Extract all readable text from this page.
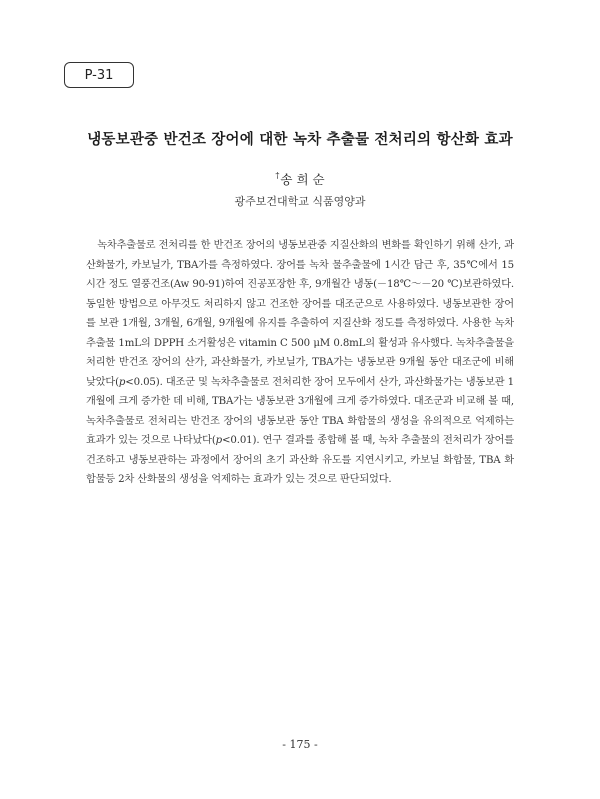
P-31
냉동보관중 반건조 장어에 대한 녹차 추출물 전처리의 항산화 효과
†송 희 순
광주보건대학교 식품영양과

녹차추출물로 전처리를 한 반건조 장어의 냉동보관중 지질산화의 변화를 확인하기 위해 산가, 과산화물가, 카보닐가, TBA가를 측정하였다. 장어를 녹차 물추출물에 1시간 담근 후, 35℃에서 15 시간 정도 열풍건조(Aw 90-91)하여 진공포장한 후, 9개월간 냉동(－18℃～－20 ℃)보관하였다. 동일한 방법으로 아무것도 처리하지 않고 건조한 장어를 대조군으로 사용하였다. 냉동보관한 장어를 보관 1개월, 3개월, 6개월, 9개월에 유지를 추출하여 지질산화 정도를 측정하였다. 사용한 녹차 추출물 1mL의 DPPH 소거활성은 vitamin C 500 μM 0.8mL의 활성과 유사했다. 녹차추출물을 처리한 반건조 장어의 산가, 과산화물가, 카보닐가, TBA가는 냉동보관 9개월 동안 대조군에 비해 낮았다(p<0.05). 대조군 및 녹차추출물로 전처리한 장어 모두에서 산가, 과산화물가는 냉동보관 1개월에 크게 증가한 데 비해, TBA가는 냉동보관 3개월에 크게 증가하였다. 대조군과 비교해 볼 때, 녹차추출물로 전처리는 반건조 장어의 냉동보관 동안 TBA 화합물의 생성을 유의적으로 억제하는 효과가 있는 것으로 나타났다(p<0.01). 연구 결과를 종합해 볼 때, 녹차 추출물의 전처리가 장어를 건조하고 냉동보관하는 과정에서 장어의 초기 과산화 유도를 지연시키고, 카보닐 화합물, TBA 화합물등 2차 산화물의 생성을 억제하는 효과가 있는 것으로 판단되었다.

- 175 -
